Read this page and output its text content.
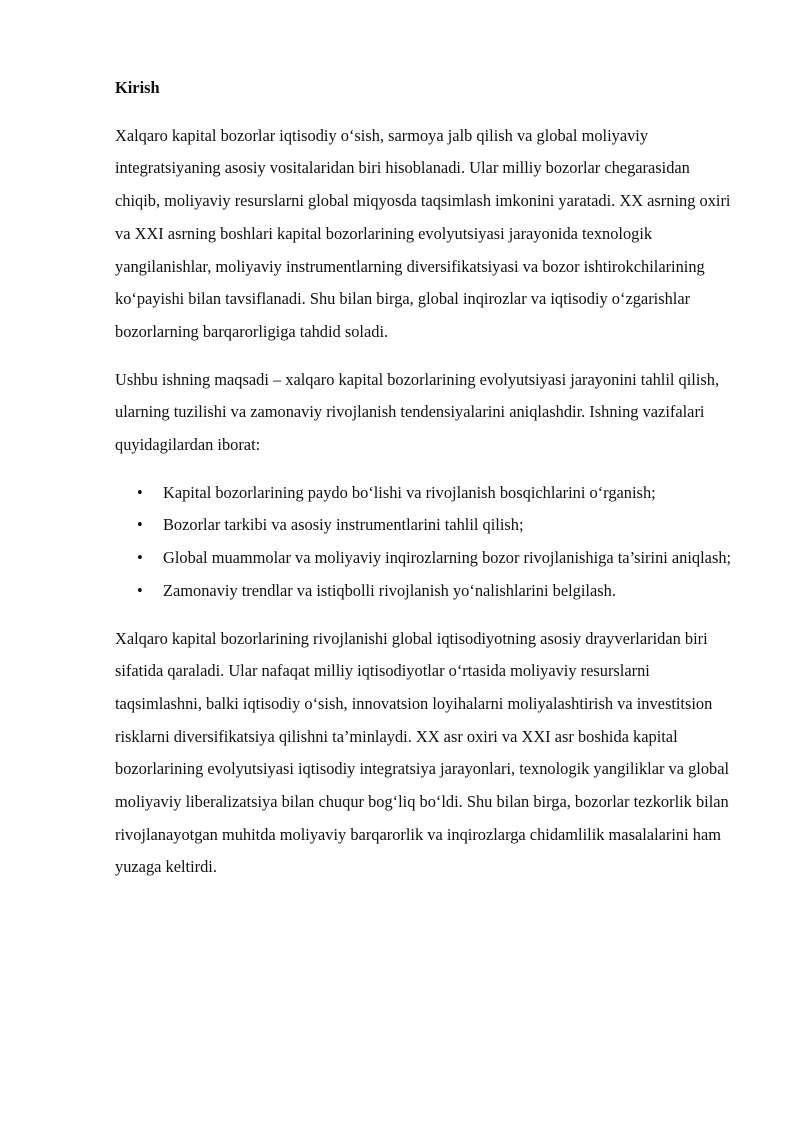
Kirish

Xalqaro kapital bozorlar iqtisodiy o‘sish, sarmoya jalb qilish va global moliyaviy integratsiyaning asosiy vositalaridan biri hisoblanadi. Ular milliy bozorlar chegarasidan chiqib, moliyaviy resurslarni global miqyosda taqsimlash imkonini yaratadi. XX asrning oxiri va XXI asrning boshlari kapital bozorlarining evolyutsiyasi jarayonida texnologik yangilanishlar, moliyaviy instrumentlarning diversifikatsiyasi va bozor ishtirokchilarining ko‘payishi bilan tavsiflanadi. Shu bilan birga, global inqirozlar va iqtisodiy o‘zgarishlar bozorlarning barqarorligiga tahdid soladi.

Ushbu ishning maqsadi – xalqaro kapital bozorlarining evolyutsiyasi jarayonini tahlil qilish, ularning tuzilishi va zamonaviy rivojlanish tendensiyalarini aniqlashdir. Ishning vazifalari quyidagilardan iborat:

• Kapital bozorlarining paydo bo‘lishi va rivojlanish bosqichlarini o‘rganish;
• Bozorlar tarkibi va asosiy instrumentlarini tahlil qilish;
• Global muammolar va moliyaviy inqirozlarning bozor rivojlanishiga ta’sirini aniqlash;
• Zamonaviy trendlar va istiqbolli rivojlanish yo‘nalishlarini belgilash.

Xalqaro kapital bozorlarining rivojlanishi global iqtisodiyotning asosiy drayverlaridan biri sifatida qaraladi. Ular nafaqat milliy iqtisodiyotlar o‘rtasida moliyaviy resurslarni taqsimlashni, balki iqtisodiy o‘sish, innovatsion loyihalarni moliyalashtirish va investitsion risklarni diversifikatsiya qilishni ta’minlaydi. XX asr oxiri va XXI asr boshida kapital bozorlarining evolyutsiyasi iqtisodiy integratsiya jarayonlari, texnologik yangiliklar va global moliyaviy liberalizatsiya bilan chuqur bog‘liq bo‘ldi. Shu bilan birga, bozorlar tezkorlik bilan rivojlanayotgan muhitda moliyaviy barqarorlik va inqirozlarga chidamlilik masalalarini ham yuzaga keltirdi.
